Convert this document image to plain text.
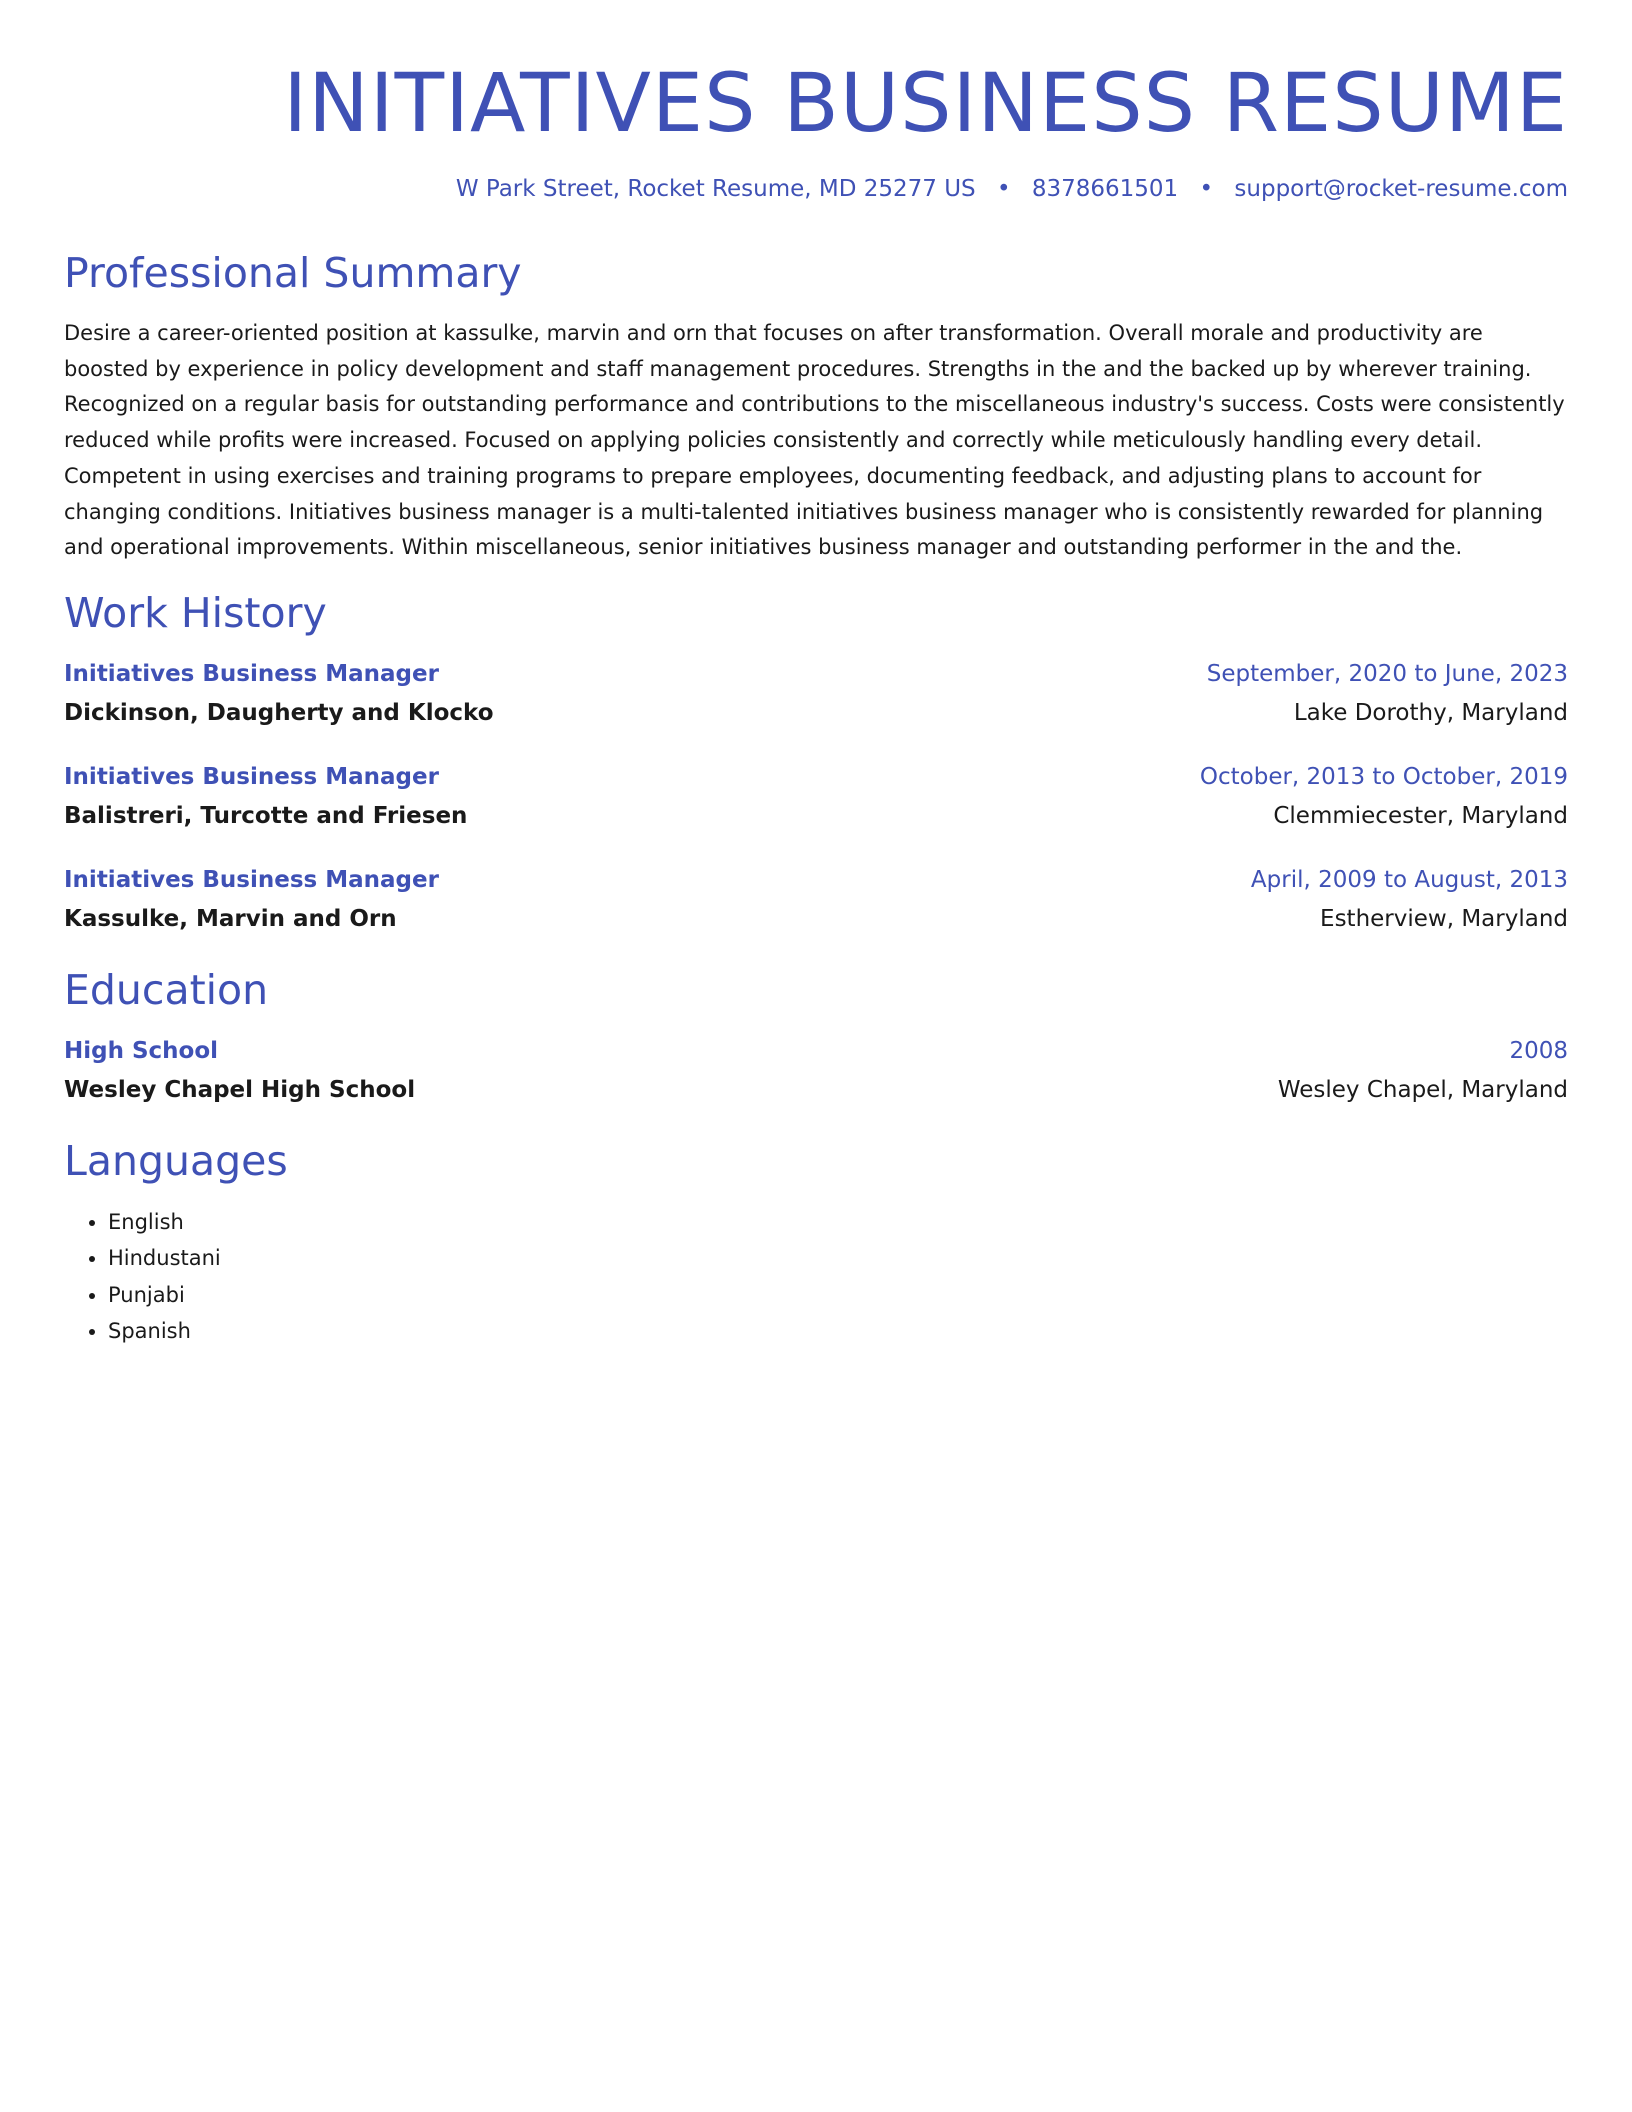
INITIATIVES BUSINESS RESUME
W Park Street, Rocket Resume, MD 25277 US • 8378661501 • support@rocket-resume.com
Professional Summary

Desire a career-oriented position at kassulke, marvin and orn that focuses on after transformation. Overall morale and productivity are boosted by experience in policy development and staff management procedures. Strengths in the and the backed up by wherever training. Recognized on a regular basis for outstanding performance and contributions to the miscellaneous industry's success. Costs were consistently reduced while profits were increased. Focused on applying policies consistently and correctly while meticulously handling every detail. Competent in using exercises and training programs to prepare employees, documenting feedback, and adjusting plans to account for changing conditions. Initiatives business manager is a multi-talented initiatives business manager who is consistently rewarded for planning and operational improvements. Within miscellaneous, senior initiatives business manager and outstanding performer in the and the.

Work History
Initiatives Business Manager	September, 2020 to June, 2023
Dickinson, Daugherty and Klocko	Lake Dorothy, Maryland
Initiatives Business Manager	October, 2013 to October, 2019
Balistreri, Turcotte and Friesen	Clemmiecester, Maryland
Initiatives Business Manager	April, 2009 to August, 2013
Kassulke, Marvin and Orn	Estherview, Maryland
Education
High School	2008
Wesley Chapel High School	Wesley Chapel, Maryland
Languages
• English
• Hindustani
• Punjabi
• Spanish
